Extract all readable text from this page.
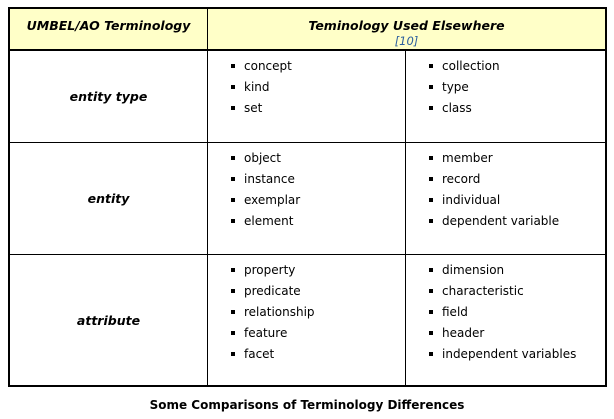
UMBEL/AO Terminology	Teminology Used Elsewhere
[10]
entity type
concept
kind
set
collection
type
class
entity
object
instance
exemplar
element
member
record
individual
dependent variable
attribute
property
predicate
relationship
feature
facet
dimension
characteristic
field
header
independent variables
Some Comparisons of Terminology Differences
